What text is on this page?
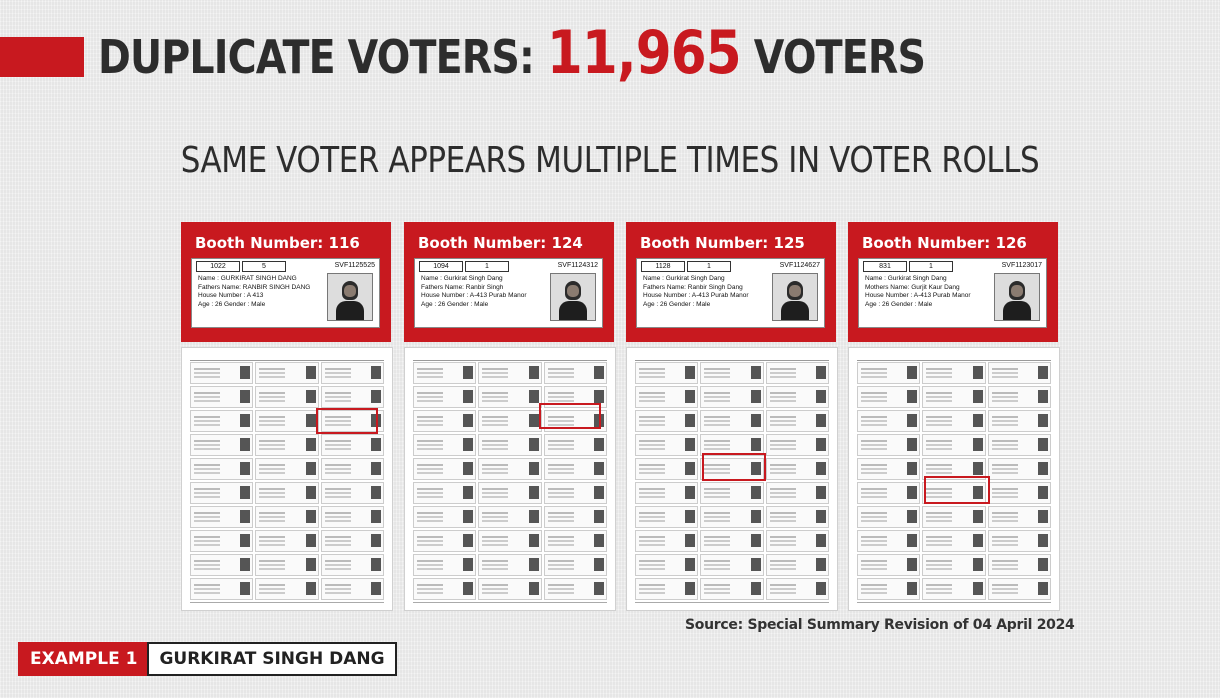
DUPLICATE VOTERS: 11,965 VOTERS
SAME VOTER APPEARS MULTIPLE TIMES IN VOTER ROLLS
Booth Number: 116
1022	5	SVF1125525
Name : GURKIRAT SINGH DANG
Fathers Name: RANBIR SINGH DANG
House Number : A 413
Age : 26 Gender : Male
Booth Number: 124
1094	1	SVF1124312
Name : Gurkirat Singh Dang
Fathers Name: Ranbir Singh
House Number : A-413 Purab Manor
Age : 26 Gender : Male
Booth Number: 125
1128	1	SVF1124627
Name : Gurkirat Singh Dang
Fathers Name: Ranbir Singh Dang
House Number : A-413 Purab Manor
Age : 26 Gender : Male
Booth Number: 126
831	1	SVF1123017
Name : Gurkirat Singh Dang
Mothers Name: Gurjit Kaur Dang
House Number : A-413 Purab Manor
Age : 26 Gender : Male
Source: Special Summary Revision of 04 April 2024
EXAMPLE 1	GURKIRAT SINGH DANG
